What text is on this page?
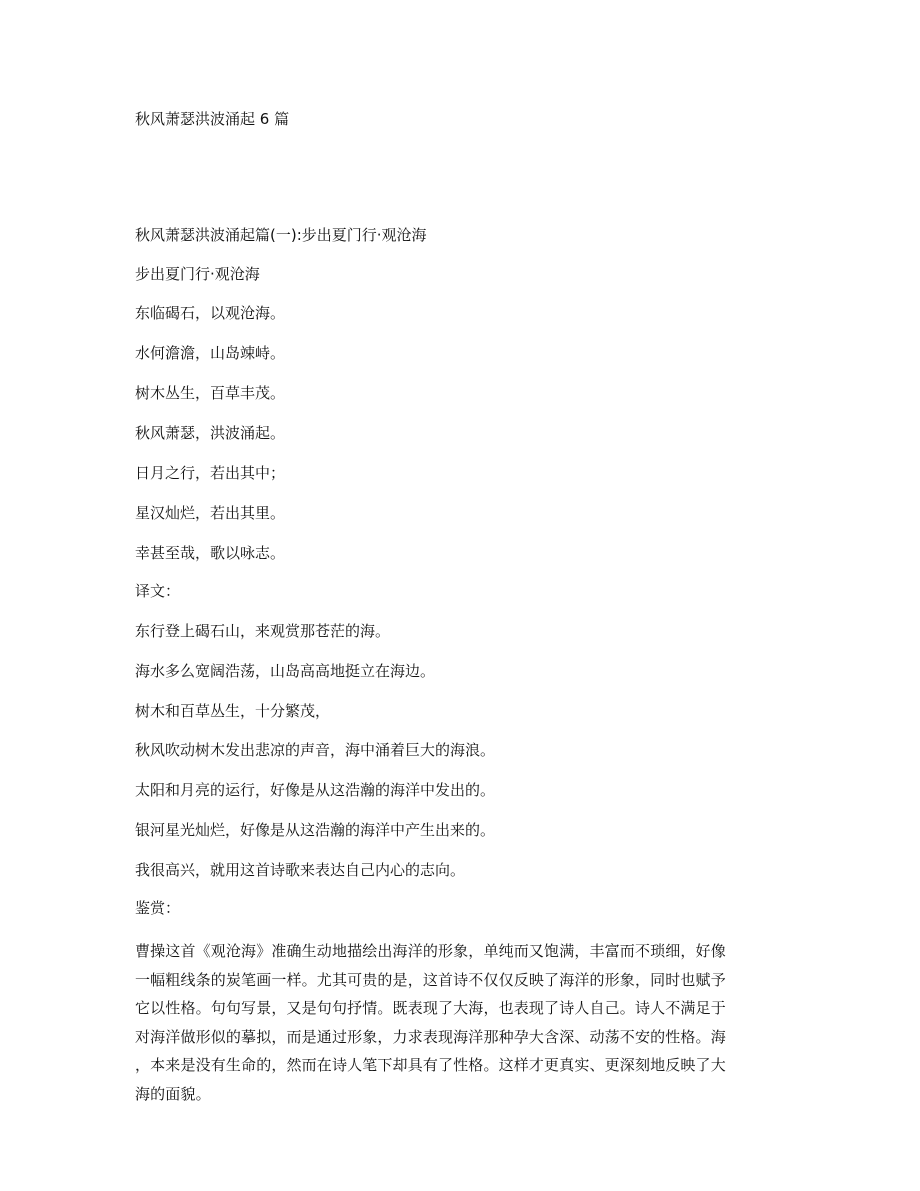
秋风萧瑟洪波涌起 6 篇
秋风萧瑟洪波涌起篇(一):步出夏门行·观沧海
步出夏门行·观沧海
东临碣石，以观沧海。
水何澹澹，山岛竦峙。
树木丛生，百草丰茂。
秋风萧瑟，洪波涌起。
日月之行，若出其中；
星汉灿烂，若出其里。
幸甚至哉，歌以咏志。
译文：
东行登上碣石山，来观赏那苍茫的海。
海水多么宽阔浩荡，山岛高高地挺立在海边。
树木和百草丛生，十分繁茂，
秋风吹动树木发出悲凉的声音，海中涌着巨大的海浪。
太阳和月亮的运行，好像是从这浩瀚的海洋中发出的。
银河星光灿烂，好像是从这浩瀚的海洋中产生出来的。
我很高兴，就用这首诗歌来表达自己内心的志向。
鉴赏：
曹操这首《观沧海》准确生动地描绘出海洋的形象，单纯而又饱满，丰富而不琐细，好像
一幅粗线条的炭笔画一样。尤其可贵的是，这首诗不仅仅反映了海洋的形象，同时也赋予
它以性格。句句写景，又是句句抒情。既表现了大海，也表现了诗人自己。诗人不满足于
对海洋做形似的摹拟，而是通过形象，力求表现海洋那种孕大含深、动荡不安的性格。海
，本来是没有生命的，然而在诗人笔下却具有了性格。这样才更真实、更深刻地反映了大
海的面貌。
